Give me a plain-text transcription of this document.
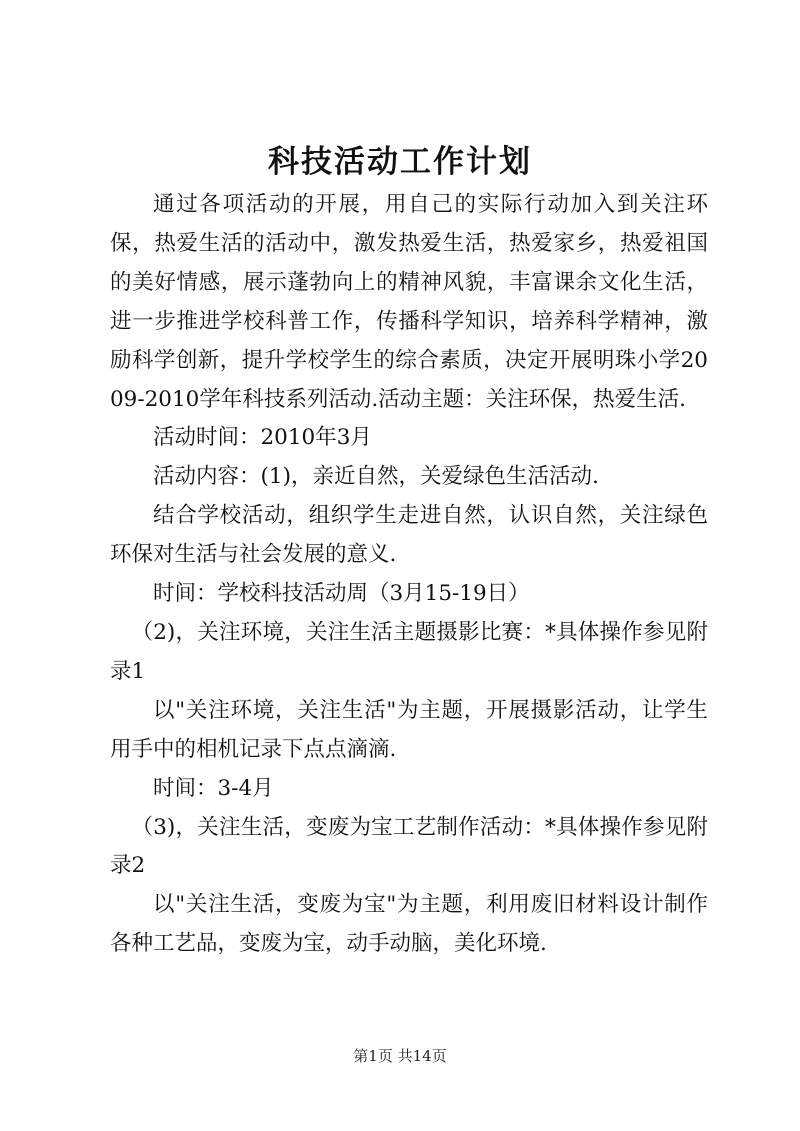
科技活动工作计划

通过各项活动的开展，用自己的实际行动加入到关注环保，热爱生活的活动中，激发热爱生活，热爱家乡，热爱祖国的美好情感，展示蓬勃向上的精神风貌，丰富课余文化生活，进一步推进学校科普工作，传播科学知识，培养科学精神，激励科学创新，提升学校学生的综合素质，决定开展明珠小学2009-2010学年科技系列活动.活动主题：关注环保，热爱生活.

活动时间：2010年3月

活动内容：(1)，亲近自然，关爱绿色生活活动.

结合学校活动，组织学生走进自然，认识自然，关注绿色环保对生活与社会发展的意义.

时间：学校科技活动周（3月15-19日）

（2)，关注环境，关注生活主题摄影比赛：*具体操作参见附录1

以"关注环境，关注生活"为主题，开展摄影活动，让学生用手中的相机记录下点点滴滴.

时间：3-4月

（3)，关注生活，变废为宝工艺制作活动：*具体操作参见附录2

以"关注生活，变废为宝"为主题，利用废旧材料设计制作各种工艺品，变废为宝，动手动脑，美化环境.

第1页 共14页
